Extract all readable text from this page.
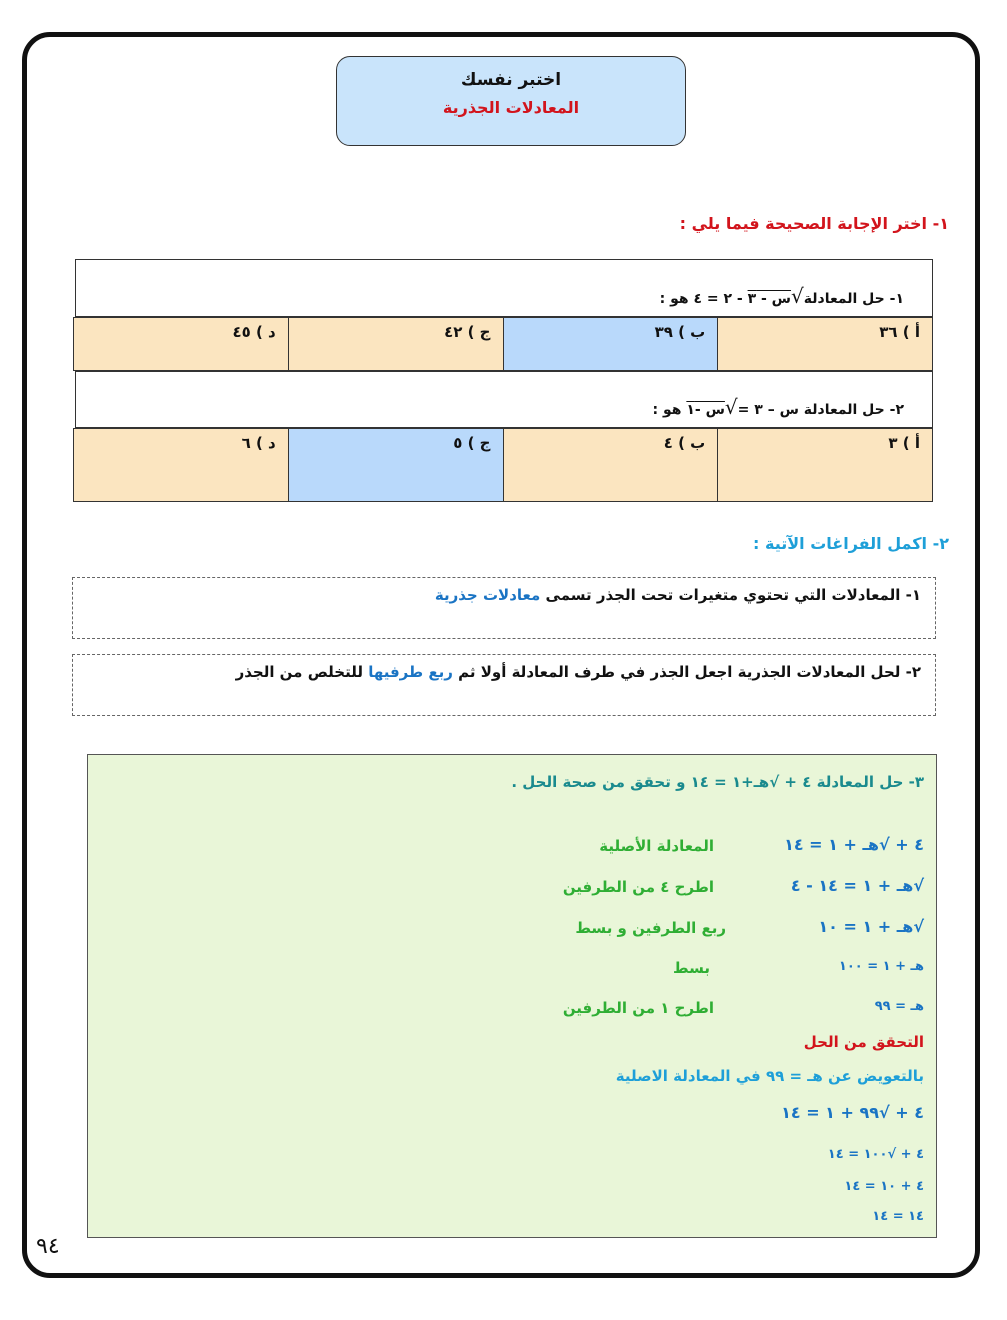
اختبر نفسك
المعادلات الجذرية
١- اختر الإجابة الصحيحة فيما يلي :
١- حل المعادلة√س - ٣ - ٢ = ٤ هو :
أ ) ٣٦
ب ) ٣٩
ج ) ٤٢
د ) ٤٥
٢- حل المعادلة س – ٣ =√س -١ هو :
أ ) ٣
ب ) ٤
ج ) ٥
د ) ٦
٢- اكمل الفراغات الآتية :
١- المعادلات التي تحتوي متغيرات تحت الجذر تسمى معادلات جذرية
٢- لحل المعادلات الجذرية اجعل الجذر في طرف المعادلة أولا ثم ربع طرفيها للتخلص من الجذر
٣- حل المعادلة ٤ + √هـ+١ = ١٤ و تحقق من صحة الحل .
٤ + √هـ + ١ = ١٤
المعادلة الأصلية
√هـ + ١ = ١٤ - ٤
اطرح ٤ من الطرفين
√هـ + ١ = ١٠
ربع الطرفين و بسط
هـ + ١ = ١٠٠
بسط
هـ = ٩٩
اطرح ١ من الطرفين
التحقق من الحل
بالتعويض عن هـ = ٩٩ في المعادلة الاصلية
٤ + √٩٩ + ١ = ١٤
٤ + √١٠٠ = ١٤
٤ + ١٠ = ١٤
١٤ = ١٤
٩٤
